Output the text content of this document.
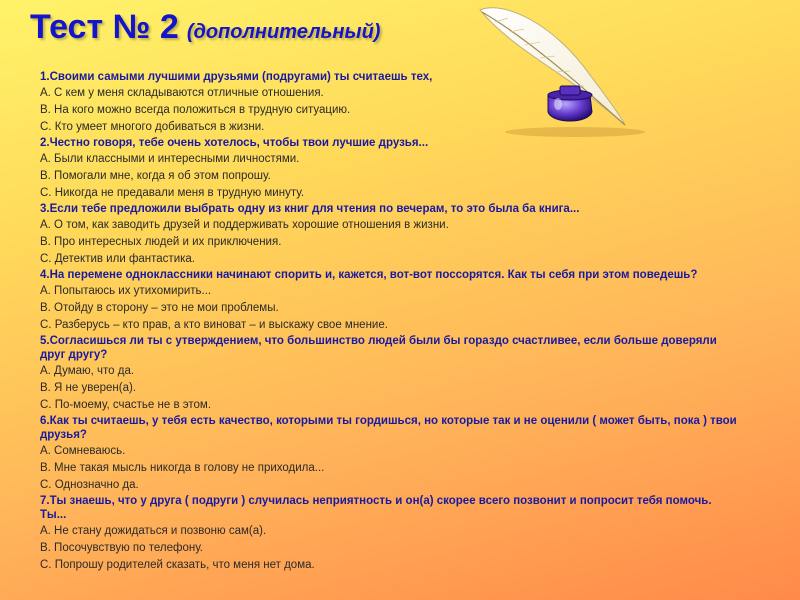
Тест № 2 (дополнительный)

1.Своими самыми лучшими друзьями (подругами) ты считаешь тех,

A. С кем у меня складываются отличные отношения.

B. На кого можно всегда положиться в трудную ситуацию.

C. Кто умеет многого добиваться в жизни.

2.Честно говоря, тебе очень хотелось, чтобы твои лучшие друзья...

A. Были классными и интересными личностями.

B. Помогали мне, когда я об этом попрошу.

C. Никогда не предавали меня в трудную минуту.

3.Если тебе предложили выбрать одну из книг для чтения по вечерам, то это была ба книга...

A. О том, как заводить друзей и поддерживать хорошие отношения в жизни.

B. Про интересных людей и их приключения.

C. Детектив или фантастика.

4.На перемене одноклассники начинают спорить и, кажется, вот-вот поссорятся. Как ты себя при этом поведешь?

A. Попытаюсь их утихомирить...

B. Отойду в сторону – это не мои проблемы.

C. Разберусь – кто прав, а кто виноват – и выскажу свое мнение.

5.Согласишься ли ты с утверждением, что большинство людей были бы гораздо счастливее, если больше доверяли друг другу?

A. Думаю, что да.

B. Я не уверен(а).

C. По-моему, счастье не в этом.

6.Как ты считаешь, у тебя есть качество, которыми ты гордишься, но которые так и не оценили ( может быть, пока ) твои друзья?

A. Сомневаюсь.

B. Мне такая мысль никогда в голову не приходила...

C. Однозначно да.

7.Ты знаешь, что у друга ( подруги ) случилась неприятность и он(а) скорее всего позвонит и попросит тебя помочь. Ты...

A. Не стану дожидаться и позвоню сам(а).

B. Посочувствую по телефону.

C. Попрошу родителей сказать, что меня нет дома.
